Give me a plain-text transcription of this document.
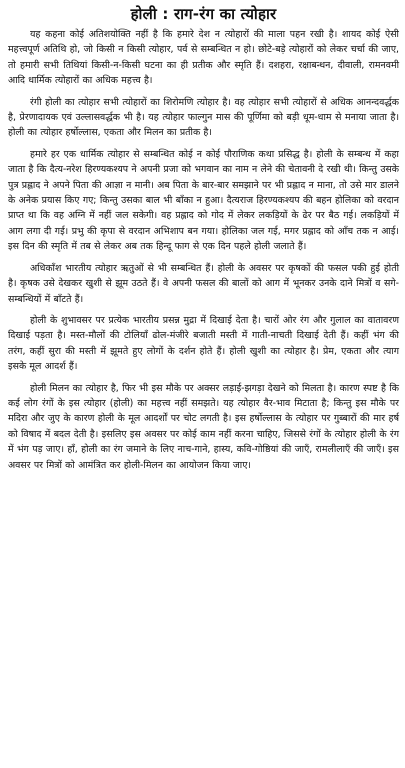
होली : राग-रंग का त्योहार

यह कहना कोई अतिशयोक्ति नहीं है कि हमारे देश न त्योहारों की माला पहन रखी है। शायद कोई ऐसी महत्त्वपूर्ण अतिथि हो, जो किसी न किसी त्योहार, पर्व से सम्बन्धित न हो। छोटे-बड़े त्योहारों को लेकर चर्चा की जाए, तो हमारी सभी तिथियां किसी-न-किसी घटना का ही प्रतीक और स्मृति हैं। दशहरा, रक्षाबन्धन, दीवाली, रामनवमी आदि धार्मिक त्योहारों का अधिक महत्त्व है।

रंगी होली का त्योहार सभी त्योहारों का शिरोमणि त्योहार है। वह त्योहार सभी त्योहारों से अधिक आनन्दवर्द्धक है, प्रेरणादायक एवं उल्लासवर्द्धक भी है। यह त्योहार फाल्गुन मास की पूर्णिमा को बड़ी धूम-धाम से मनाया जाता है। होली का त्योहार हर्षोल्लास, एकता और मिलन का प्रतीक है।

हमारे हर एक धार्मिक त्योहार से सम्बन्धित कोई न कोई पौराणिक कथा प्रसिद्ध है। होली के सम्बन्ध में कहा जाता है कि दैत्य-नरेश हिरण्यकश्यप ने अपनी प्रजा को भगवान का नाम न लेने की चेतावनी दे रखी थी। किन्तु उसके पुत्र प्रह्लाद ने अपने पिता की आज्ञा न मानी। अब पिता के बार-बार समझाने पर भी प्रह्लाद न माना, तो उसे मार डालने के अनेक प्रयास किए गए; किन्तु उसका बाल भी बाँका न हुआ। दैत्यराज हिरण्यकश्यप की बहन होलिका को वरदान प्राप्त था कि वह अग्नि में नहीं जल सकेगी। वह प्रह्लाद को गोद में लेकर लकड़ियों के ढेर पर बैठ गई। लकड़ियों में आग लगा दी गई। प्रभु की कृपा से वरदान अभिशाप बन गया। होलिका जल गई, मगर प्रह्लाद को आँच तक न आई। इस दिन की स्मृति में तब से लेकर अब तक हिन्दू फाग से एक दिन पहले होली जलाते हैं।

अधिकाँश भारतीय त्योहार ऋतुओं से भी सम्बन्धित हैं। होली के अवसर पर कृषकों की फसल पकी हुई होती है। कृषक उसे देखकर खुशी से झूम उठते हैं। वे अपनी फसल की बालों को आग में भूनकर उनके दाने मित्रों व सगे-सम्बन्धियों में बाँटते हैं।

होली के शुभावसर पर प्रत्येक भारतीय प्रसन्न मुद्रा में दिखाई देता है। चारों ओर रंग और गुलाल का वातावरण दिखाई पड़ता है। मस्त-मौलों की टोलियाँ ढोल-मंजीरे बजाती मस्ती में गाती-नाचती दिखाई देती हैं। कहीं भंग की तरंग, कहीं सुरा की मस्ती में झूमते हुए लोगों के दर्शन होते हैं। होली खुशी का त्योहार है। प्रेम, एकता और त्याग इसके मूल आदर्श हैं।

होली मिलन का त्योहार है, फिर भी इस मौके पर अक्सर लड़ाई-झगड़ा देखने को मिलता है। कारण स्पष्ट है कि कई लोग रंगों के इस त्योहार (होली) का महत्त्व नहीं समझते। यह त्योहार वैर-भाव मिटाता है; किन्तु इस मौके पर मदिरा और जुए के कारण होली के मूल आदर्शों पर चोट लगती है। इस हर्षोल्लास के त्योहार पर गुब्बारों की मार हर्ष को विषाद में बदल देती है। इसलिए इस अवसर पर कोई काम नहीं करना चाहिए, जिससे रंगों के त्योहार होली के रंग में भंग पड़ जाए। हाँ, होली का रंग जमाने के लिए नाच-गाने, हास्य, कवि-गोष्ठियां की जाएँ, रामलीलाएँ की जाएँ। इस अवसर पर मित्रों को आमंत्रित कर होली-मिलन का आयोजन किया जाए।
